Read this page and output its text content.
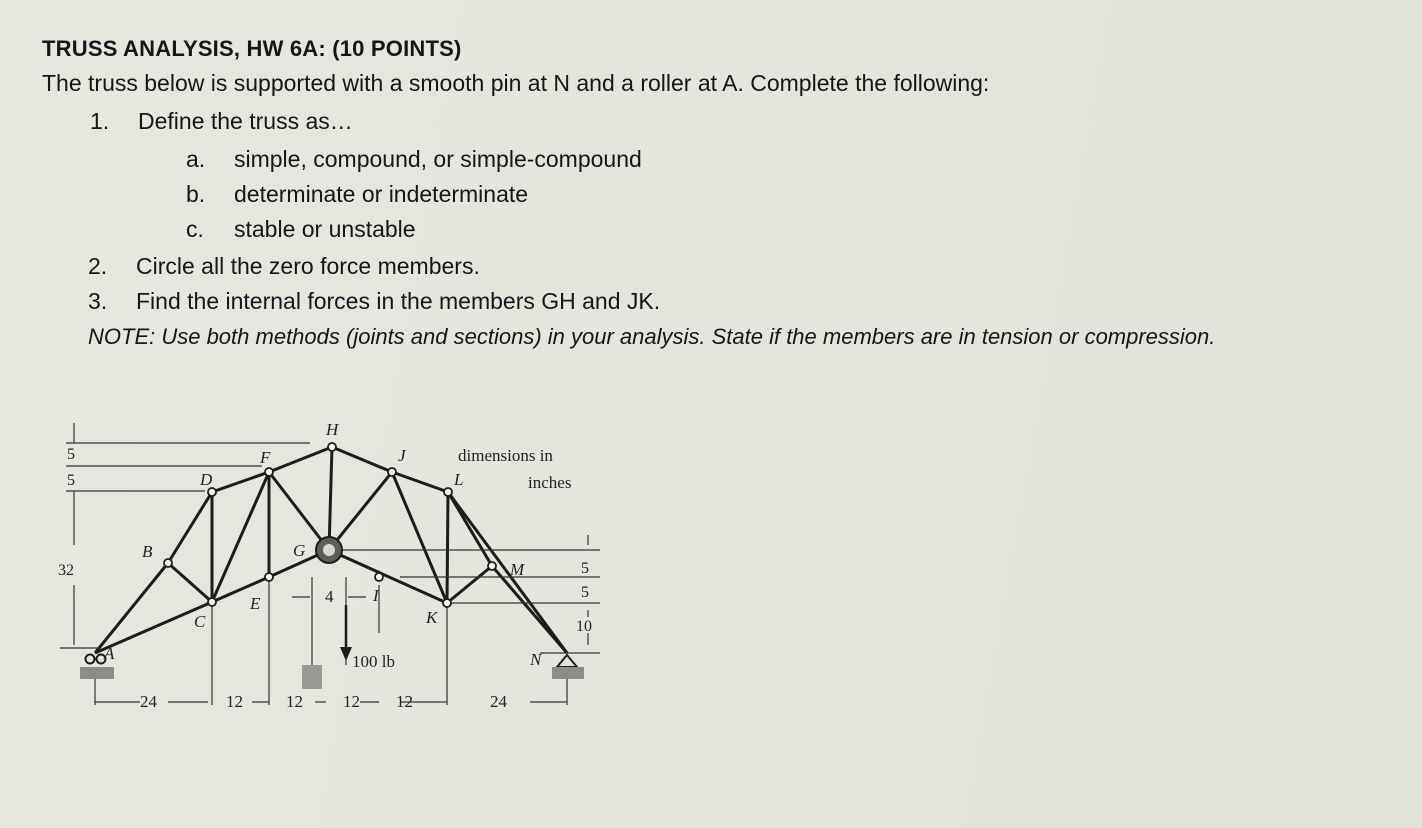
TRUSS ANALYSIS, HW 6A: (10 POINTS)
The truss below is supported with a smooth pin at N and a roller at A. Complete the following:
1. Define the truss as…
a. simple, compound, or simple-compound
b. determinate or indeterminate
c. stable or unstable
2. Circle all the zero force members.
3. Find the internal forces in the members GH and JK.
NOTE: Use both methods (joints and sections) in your analysis. State if the members are in tension or compression.
H
F
D
J
L
B	G
M
E	I
C	K
A	N
100 lb
dimensions in
inches
5
5
32	5
5
10
24	12	12 12 12	24
4
